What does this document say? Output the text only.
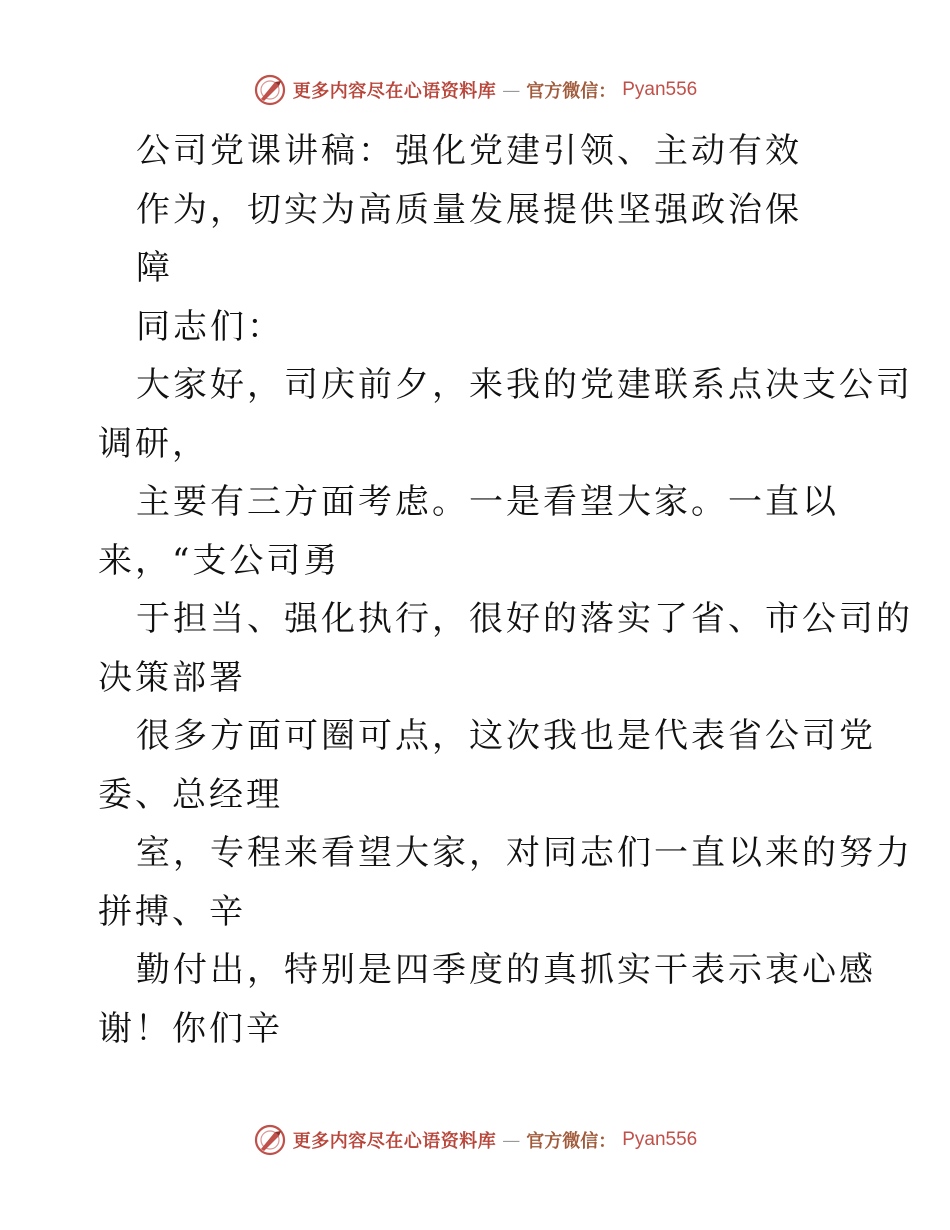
更多内容尽在心语资料库 — 官方微信： Pyan556
公司党课讲稿：强化党建引领、主动有效
作为，切实为高质量发展提供坚强政治保
障
同志们：
大家好，司庆前夕，来我的党建联系点决支公司
调研，
主要有三方面考虑。一是看望大家。一直以
来，“支公司勇
于担当、强化执行，很好的落实了省、市公司的
决策部署
很多方面可圈可点，这次我也是代表省公司党
委、总经理
室，专程来看望大家，对同志们一直以来的努力
拼搏、辛
勤付出，特别是四季度的真抓实干表示衷心感
谢！你们辛
更多内容尽在心语资料库 — 官方微信： Pyan556
